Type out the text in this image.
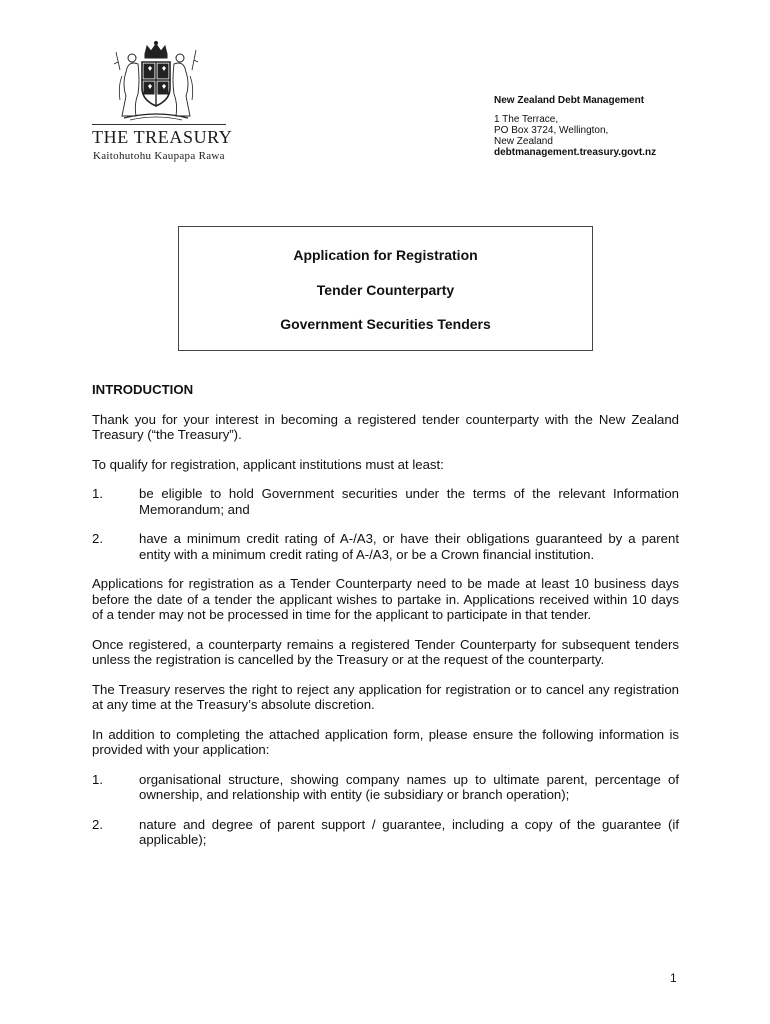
THE TREASURY
Kaitohutohu Kaupapa Rawa
New Zealand Debt Management
1 The Terrace,
PO Box 3724, Wellington,
New Zealand
debtmanagement.treasury.govt.nz
Application for Registration
Tender Counterparty
Government Securities Tenders
INTRODUCTION
Thank you for your interest in becoming a registered tender counterparty with the New Zealand Treasury (“the Treasury”).
To qualify for registration, applicant institutions must at least:
1.	be eligible to hold Government securities under the terms of the relevant Information Memorandum; and
2.	have a minimum credit rating of A-/A3, or have their obligations guaranteed by a parent entity with a minimum credit rating of A-/A3, or be a Crown financial institution.
Applications for registration as a Tender Counterparty need to be made at least 10 business days before the date of a tender the applicant wishes to partake in. Applications received within 10 days of a tender may not be processed in time for the applicant to participate in that tender.
Once registered, a counterparty remains a registered Tender Counterparty for subsequent tenders unless the registration is cancelled by the Treasury or at the request of the counterparty.
The Treasury reserves the right to reject any application for registration or to cancel any registration at any time at the Treasury’s absolute discretion.
In addition to completing the attached application form, please ensure the following information is provided with your application:
1.	organisational structure, showing company names up to ultimate parent, percentage of ownership, and relationship with entity (ie subsidiary or branch operation);
2.	nature and degree of parent support / guarantee, including a copy of the guarantee (if applicable);
1
